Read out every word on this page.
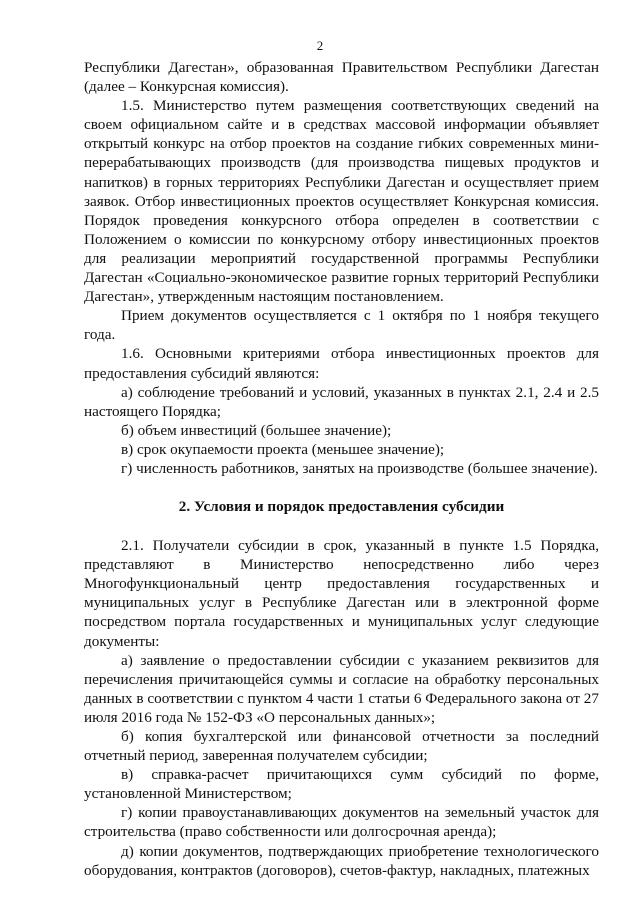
2

Республики Дагестан», образованная Правительством Республики Дагестан (далее – Конкурсная комиссия).

1.5. Министерство путем размещения соответствующих сведений на своем официальном сайте и в средствах массовой информации объявляет открытый конкурс на отбор проектов на создание гибких современных мини-перерабатывающих производств (для производства пищевых продуктов и напитков) в горных территориях Республики Дагестан и осуществляет прием заявок. Отбор инвестиционных проектов осуществляет Конкурсная комиссия. Порядок проведения конкурсного отбора определен в соответствии с Положением о комиссии по конкурсному отбору инвестиционных проектов для реализации мероприятий государственной программы Республики Дагестан «Социально-экономическое развитие горных территорий Республики Дагестан», утвержденным настоящим постановлением.

Прием документов осуществляется с 1 октября по 1 ноября текущего года.

1.6. Основными критериями отбора инвестиционных проектов для предоставления субсидий являются:

а) соблюдение требований и условий, указанных в пунктах 2.1, 2.4 и 2.5 настоящего Порядка;

б) объем инвестиций (большее значение);

в) срок окупаемости проекта (меньшее значение);

г) численность работников, занятых на производстве (большее значение).

2. Условия и порядок предоставления субсидии

2.1. Получатели субсидии в срок, указанный в пункте 1.5 Порядка, представляют в Министерство непосредственно либо через Многофункциональный центр предоставления государственных и муниципальных услуг в Республике Дагестан или в электронной форме посредством портала государственных и муниципальных услуг следующие документы:

а) заявление о предоставлении субсидии с указанием реквизитов для перечисления причитающейся суммы и согласие на обработку персональных данных в соответствии с пунктом 4 части 1 статьи 6 Федерального закона от 27 июля 2016 года № 152-ФЗ «О персональных данных»;

б) копия бухгалтерской или финансовой отчетности за последний отчетный период, заверенная получателем субсидии;

в) справка-расчет причитающихся сумм субсидий по форме, установленной Министерством;

г) копии правоустанавливающих документов на земельный участок для строительства (право собственности или долгосрочная аренда);

д) копии документов, подтверждающих приобретение технологического оборудования, контрактов (договоров), счетов-фактур, накладных, платежных
